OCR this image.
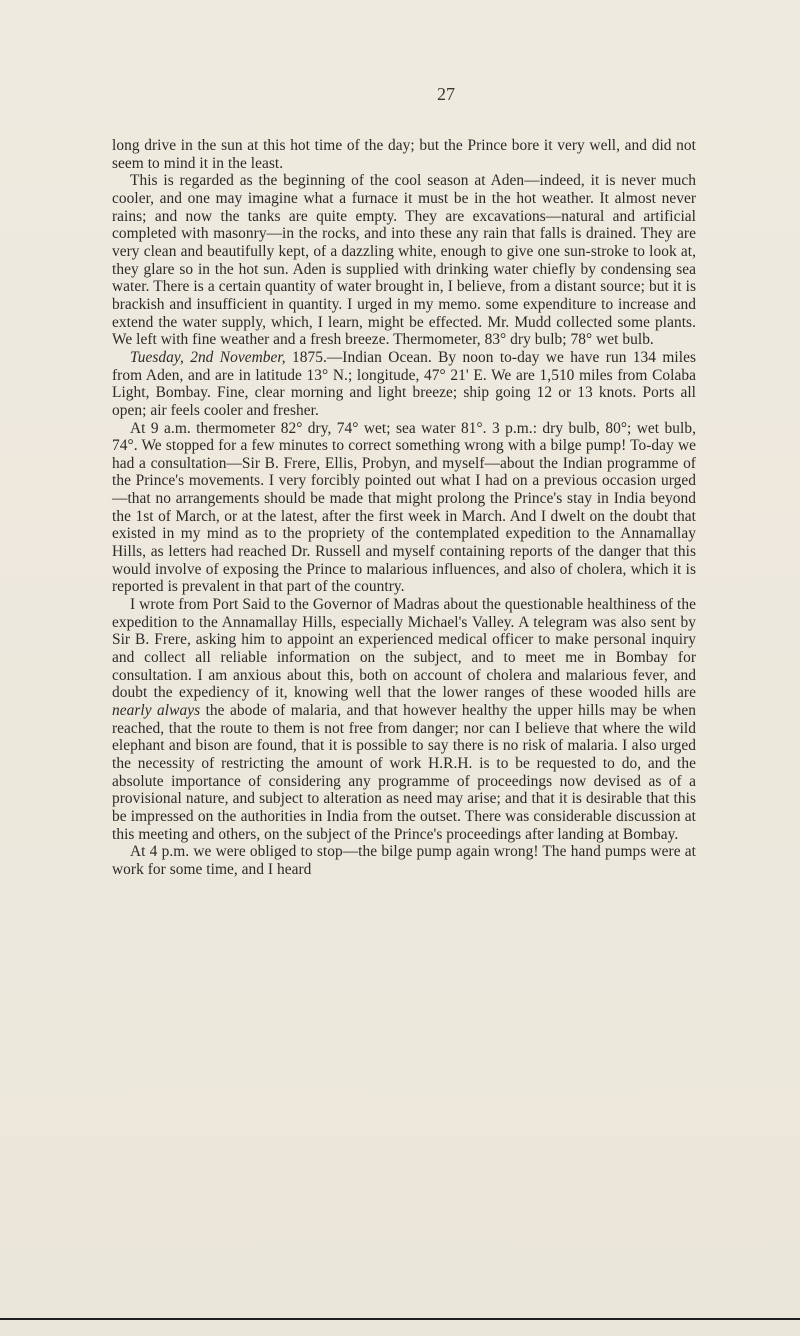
27

long drive in the sun at this hot time of the day; but the Prince bore it very well, and did not seem to mind it in the least.

This is regarded as the beginning of the cool season at Aden—indeed, it is never much cooler, and one may imagine what a furnace it must be in the hot weather. It almost never rains; and now the tanks are quite empty. They are excavations—natural and artificial completed with masonry—in the rocks, and into these any rain that falls is drained. They are very clean and beautifully kept, of a dazzling white, enough to give one sun-stroke to look at, they glare so in the hot sun. Aden is supplied with drinking water chiefly by condensing sea water. There is a certain quantity of water brought in, I believe, from a distant source; but it is brackish and insufficient in quantity. I urged in my memo. some expenditure to increase and extend the water supply, which, I learn, might be effected. Mr. Mudd collected some plants. We left with fine weather and a fresh breeze. Thermometer, 83° dry bulb; 78° wet bulb.

Tuesday, 2nd November, 1875.—Indian Ocean. By noon to-day we have run 134 miles from Aden, and are in latitude 13° N.; longitude, 47° 21' E. We are 1,510 miles from Colaba Light, Bombay. Fine, clear morning and light breeze; ship going 12 or 13 knots. Ports all open; air feels cooler and fresher.

At 9 a.m. thermometer 82° dry, 74° wet; sea water 81°. 3 p.m.: dry bulb, 80°; wet bulb, 74°. We stopped for a few minutes to correct something wrong with a bilge pump! To-day we had a consultation—Sir B. Frere, Ellis, Probyn, and myself—about the Indian programme of the Prince's movements. I very forcibly pointed out what I had on a previous occasion urged—that no arrangements should be made that might prolong the Prince's stay in India beyond the 1st of March, or at the latest, after the first week in March. And I dwelt on the doubt that existed in my mind as to the propriety of the contemplated expedition to the Annamallay Hills, as letters had reached Dr. Russell and myself containing reports of the danger that this would involve of exposing the Prince to malarious influences, and also of cholera, which it is reported is prevalent in that part of the country.

I wrote from Port Said to the Governor of Madras about the questionable healthiness of the expedition to the Annamallay Hills, especially Michael's Valley. A telegram was also sent by Sir B. Frere, asking him to appoint an experienced medical officer to make personal inquiry and collect all reliable information on the subject, and to meet me in Bombay for consultation. I am anxious about this, both on account of cholera and malarious fever, and doubt the expediency of it, knowing well that the lower ranges of these wooded hills are nearly always the abode of malaria, and that however healthy the upper hills may be when reached, that the route to them is not free from danger; nor can I believe that where the wild elephant and bison are found, that it is possible to say there is no risk of malaria. I also urged the necessity of restricting the amount of work H.R.H. is to be requested to do, and the absolute importance of considering any programme of proceedings now devised as of a provisional nature, and subject to alteration as need may arise; and that it is desirable that this be impressed on the authorities in India from the outset. There was considerable discussion at this meeting and others, on the subject of the Prince's proceedings after landing at Bombay.

At 4 p.m. we were obliged to stop—the bilge pump again wrong! The hand pumps were at work for some time, and I heard
